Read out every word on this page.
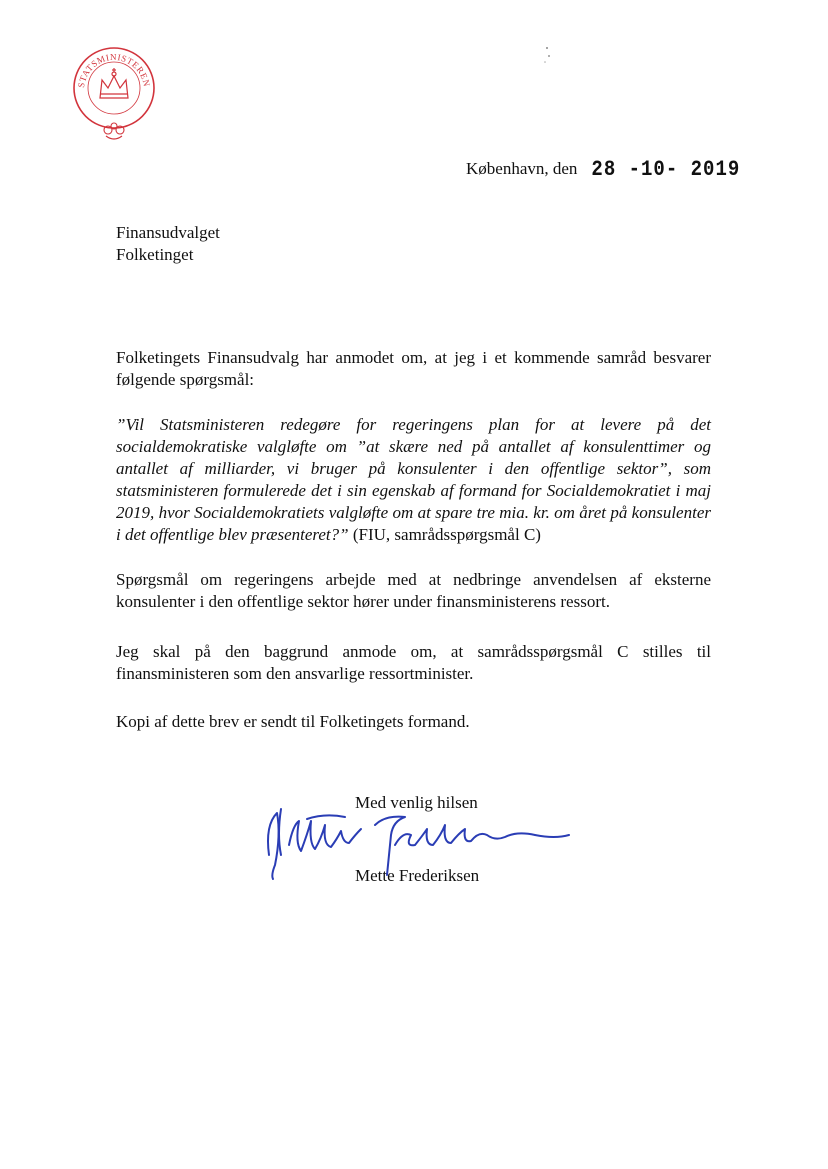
STATSMINISTEREN
København, den 28 -10- 2019
Finansudvalget
Folketinget

Folketingets Finansudvalg har anmodet om, at jeg i et kommende samråd besvarer følgende spørgsmål:

”Vil Statsministeren redegøre for regeringens plan for at levere på det socialdemokratiske valgløfte om ”at skære ned på antallet af konsulenttimer og antallet af milliarder, vi bruger på konsulenter i den offentlige sektor”, som statsministeren formulerede det i sin egenskab af formand for Socialdemokratiet i maj 2019, hvor Socialdemokratiets valgløfte om at spare tre mia. kr. om året på konsulenter i det offentlige blev præsenteret?” (FIU, samrådsspørgsmål C)

Spørgsmål om regeringens arbejde med at nedbringe anvendelsen af eksterne konsulenter i den offentlige sektor hører under finansministerens ressort.

Jeg skal på den baggrund anmode om, at samrådsspørgsmål C stilles til finansministeren som den ansvarlige ressortminister.

Kopi af dette brev er sendt til Folketingets formand.

Med venlig hilsen
Mette Frederiksen
